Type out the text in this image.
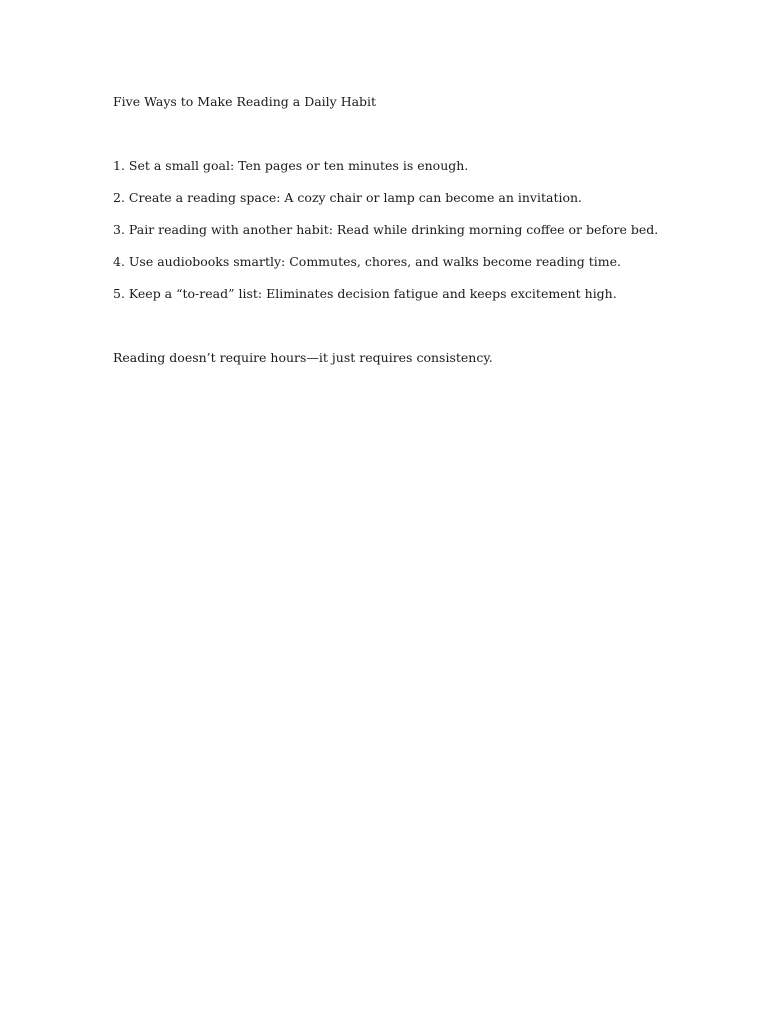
Five Ways to Make Reading a Daily Habit

1. Set a small goal: Ten pages or ten minutes is enough.

2. Create a reading space: A cozy chair or lamp can become an invitation.

3. Pair reading with another habit: Read while drinking morning coffee or before bed.

4. Use audiobooks smartly: Commutes, chores, and walks become reading time.

5. Keep a “to-read” list: Eliminates decision fatigue and keeps excitement high.

Reading doesn’t require hours—it just requires consistency.
